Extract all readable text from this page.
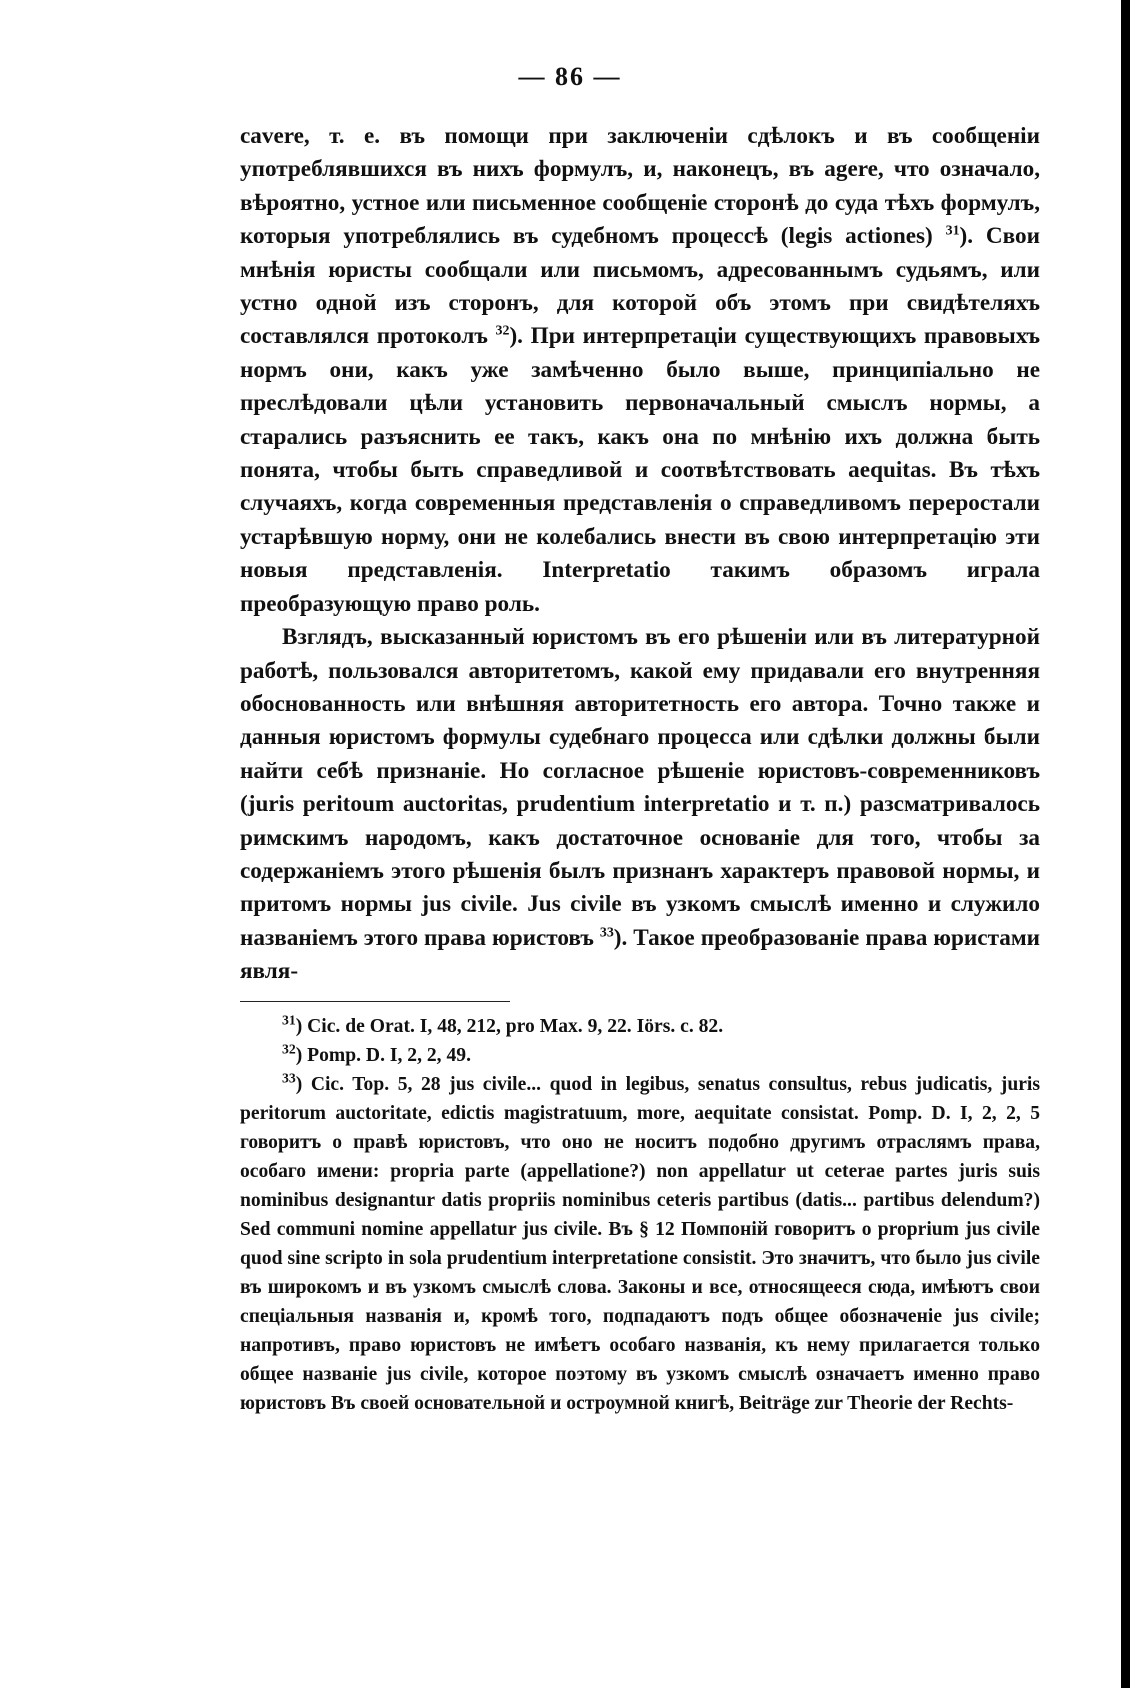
— 86 —

cavere, т. е. въ помощи при заключеніи сдѣлокъ и въ сообщеніи употреблявшихся въ нихъ формулъ, и, наконецъ, въ agere, что означало, вѣроятно, устное или письменное сообщеніе сторонѣ до суда тѣхъ формулъ, которыя употреблялись въ судебномъ процессѣ (legis actiones) $^{31}$). Свои мнѣнія юристы сообщали или письмомъ, адресованнымъ судьямъ, или устно одной изъ сторонъ, для которой объ этомъ при свидѣтеляхъ составлялся протоколъ $^{32}$). При интерпретаціи существующихъ правовыхъ нормъ они, какъ уже замѣченно было выше, принципіально не преслѣдовали цѣли установить первоначальный смыслъ нормы, а старались разъяснить ее такъ, какъ она по мнѣнію ихъ должна быть понята, чтобы быть справедливой и соотвѣтствовать aequitas. Въ тѣхъ случаяхъ, когда современныя представленія о справедливомъ переростали устарѣвшую норму, они не колебались внести въ свою интерпретацію эти новыя представленія. Interpretatio такимъ образомъ играла преобразующую право роль.

Взглядъ, высказанный юристомъ въ его рѣшеніи или въ литературной работѣ, пользовался авторитетомъ, какой ему придавали его внутренняя обоснованность или внѣшняя авторитетность его автора. Точно также и данныя юристомъ формулы судебнаго процесса или сдѣлки должны были найти себѣ признаніе. Но согласное рѣшеніе юристовъ-современниковъ (juris peritoum auctoritas, prudentium interpretatio и т. п.) разсматривалось римскимъ народомъ, какъ достаточное основаніе для того, чтобы за содержаніемъ этого рѣшенія былъ признанъ характеръ правовой нормы, и притомъ нормы jus civile. Jus civile въ узкомъ смыслѣ именно и служило названіемъ этого права юристовъ $^{33}$). Такое преобразованіе права юристами явля-

$^{31}$) Cic. de Orat. I, 48, 212, pro Max. 9, 22. Iörs. с. 82.

$^{32}$) Pomp. D. I, 2, 2, 49.

$^{33}$) Cic. Top. 5, 28 jus civile... quod in legibus, senatus consultus, rebus judicatis, juris peritorum auctoritate, edictis magistratuum, more, aequitate consistat. Pomp. D. I, 2, 2, 5 говоритъ о правѣ юристовъ, что оно не носитъ подобно другимъ отраслямъ права, особаго имени: propria parte (appellatione?) non appellatur ut ceterae partes juris suis nominibus designantur datis propriis nominibus ceteris partibus (datis... partibus delendum?) Sed communi nomine appellatur jus civile. Въ § 12 Помпоній говоритъ о proprium jus civile quod sine scripto in sola prudentium interpretatione consistit. Это значитъ, что было jus civile въ широкомъ и въ узкомъ смыслѣ слова. Законы и все, относящееся сюда, имѣютъ свои спеціальныя названія и, кромѣ того, подпадаютъ подъ общее обозначеніе jus civile; напротивъ, право юристовъ не имѣетъ особаго названія, къ нему прилагается только общее названіе jus civile, которое поэтому въ узкомъ смыслѣ означаетъ именно право юристовъ Въ своей основательной и остроумной книгѣ, Beiträge zur Theorie der Rechts-
